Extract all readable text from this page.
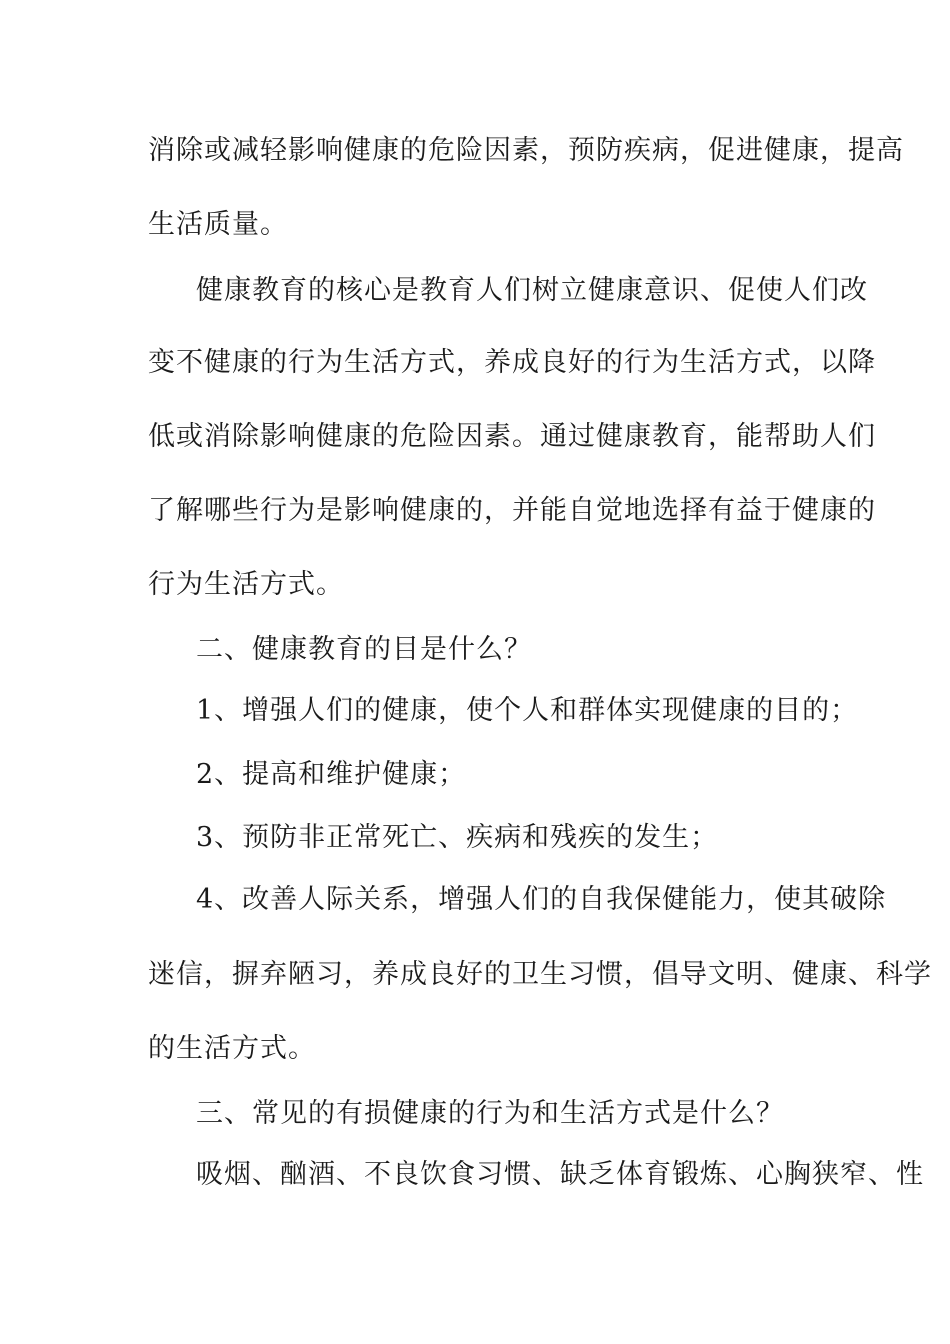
消除或减轻影响健康的危险因素，预防疾病，促进健康，提高
生活质量。
健康教育的核心是教育人们树立健康意识、促使人们改
变不健康的行为生活方式，养成良好的行为生活方式，以降
低或消除影响健康的危险因素。通过健康教育，能帮助人们
了解哪些行为是影响健康的，并能自觉地选择有益于健康的
行为生活方式。
二、健康教育的目是什么？
1、增强人们的健康，使个人和群体实现健康的目的；
2、提高和维护健康；
3、预防非正常死亡、疾病和残疾的发生；
4、改善人际关系，增强人们的自我保健能力，使其破除
迷信，摒弃陋习，养成良好的卫生习惯，倡导文明、健康、科学
的生活方式。
三、常见的有损健康的行为和生活方式是什么？
吸烟、酗酒、不良饮食习惯、缺乏体育锻炼、心胸狭窄、性
